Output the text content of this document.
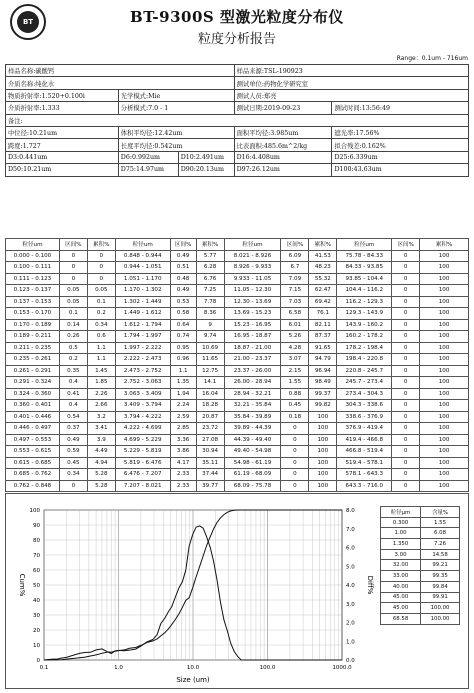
BT	BT-9300S 型激光粒度分布仪
粒度分析报告
Range：0.1um - 716um
样品名称:碳酸钙			样品来源:TSL-190923	
介质名称:纯化水			测试单位:药物化学研究室	
物质折射率:1.520+0.100i	光学模式:Mie		测试人员:郑亮	
介质折射率:1.333	分析模式:7.0 - 1		测试日期:2019-09-23	测试时间:13:56:49
备注:				
中位径:10.21um	体积平均径:12.42um		面积平均径:3.985um	遮光率:17.56%
跨度:1.727	长度平均径:0.542um		比表面积:485.6m^2/kg	拟合残差:0.162%
D3:0.441um	D6:0.992um	D10:2.491um	D16:4.408um	D25:6.339um
D50:10.21um	D75:14.97um	D90:20.13um	D97:26.12um	D100:43.63um
粒径um	区间%	累积%	粒径um	区间%	累积%	粒径um	区间%	累积%	粒径um	区间%	累积%
0.000 - 0.100	0	0	0.848 - 0.944	0.49	5.77	8.021 - 8.926	6.09	41.53	75.78 - 84.33	0	100
0.100 - 0.111	0	0	0.944 - 1.051	0.51	6.28	8.926 - 9.933	6.7	48.23	84.33 - 93.85	0	100
0.111 - 0.123	0	0	1.051 - 1.170	0.48	6.76	9.933 - 11.05	7.09	55.32	93.85 - 104.4	0	100
0.123 - 0.137	0.05	0.05	1.170 - 1.302	0.49	7.25	11.05 - 12.30	7.15	62.47	104.4 - 116.2	0	100
0.137 - 0.153	0.05	0.1	1.302 - 1.449	0.53	7.78	12.30 - 13.69	7.03	69.42	116.2 - 129.3	0	100
0.153 - 0.170	0.1	0.2	1.449 - 1.612	0.58	8.36	13.69 - 15.23	6.58	76.1	129.3 - 143.9	0	100
0.170 - 0.189	0.14	0.34	1.612 - 1.794	0.64	9	15.23 - 16.95	6.01	82.11	143.9 - 160.2	0	100
0.189 - 0.211	0.26	0.6	1.794 - 1.997	0.74	9.74	16.95 - 18.87	5.26	87.37	160.2 - 178.2	0	100
0.211 - 0.235	0.5	1.1	1.997 - 2.222	0.95	10.69	18.87 - 21.00	4.28	91.65	178.2 - 198.4	0	100
0.235 - 0.261	0.2	1.1	2.222 - 2.473	0.96	11.65	21.00 - 23.37	3.07	94.79	198.4 - 220.8	0	100
0.261 - 0.291	0.35	1.45	2.473 - 2.752	1.1	12.75	23.37 - 26.00	2.15	96.94	220.8 - 245.7	0	100
0.291 - 0.324	0.4	1.85	2.752 - 3.063	1.35	14.1	26.00 - 28.94	1.55	98.49	245.7 - 273.4	0	100
0.324 - 0.360	0.41	2.26	3.063 - 3.409	1.94	16.04	28.94 - 32.21	0.88	99.37	273.4 - 304.3	0	100
0.360 - 0.401	0.4	2.66	3.409 - 3.794	2.24	18.28	32.21 - 35.84	0.45	99.82	304.3 - 338.6	0	100
0.401 - 0.446	0.54	3.2	3.794 - 4.222	2.59	20.87	35.84 - 39.89	0.18	100	338.6 - 376.9	0	100
0.446 - 0.497	0.37	3.41	4.222 - 4.699	2.85	23.72	39.89 - 44.39	0	100	376.9 - 419.4	0	100
0.497 - 0.553	0.49	3.9	4.699 - 5.229	3.36	27.08	44.39 - 49.40	0	100	419.4 - 466.8	0	100
0.553 - 0.615	0.59	4.49	5.229 - 5.819	3.86	30.94	49.40 - 54.98	0	100	466.8 - 519.4	0	100
0.615 - 0.685	0.45	4.94	5.819 - 6.476	4.17	35.11	54.98 - 61.19	0	100	519.4 - 578.1	0	100
0.685 - 0.762	0.34	5.28	6.476 - 7.207	2.33	37.44	61.19 - 68.09	0	100	578.1 - 643.3	0	100
0.762 - 0.848	0	5.28	7.207 - 8.021	2.33	39.77	68.09 - 75.78	0	100	643.3 - 716.0	0	100
0
10
20
30
40
50
60
70
80
90
100
0.0
1.0
2.0
3.0
4.0
5.0
6.0
7.0
8.0
0.1	1.0	10.0	100.0	1000.0
Size (um)
Cum%	Diff%
粒径µm	含量%
0.300	1.55
1.00	6.08
1.350	7.26
3.00	14.58
32.00	99.21
33.00	99.35
40.00	99.84
45.00	99.91
45.00	100.00
68.58	100.00
